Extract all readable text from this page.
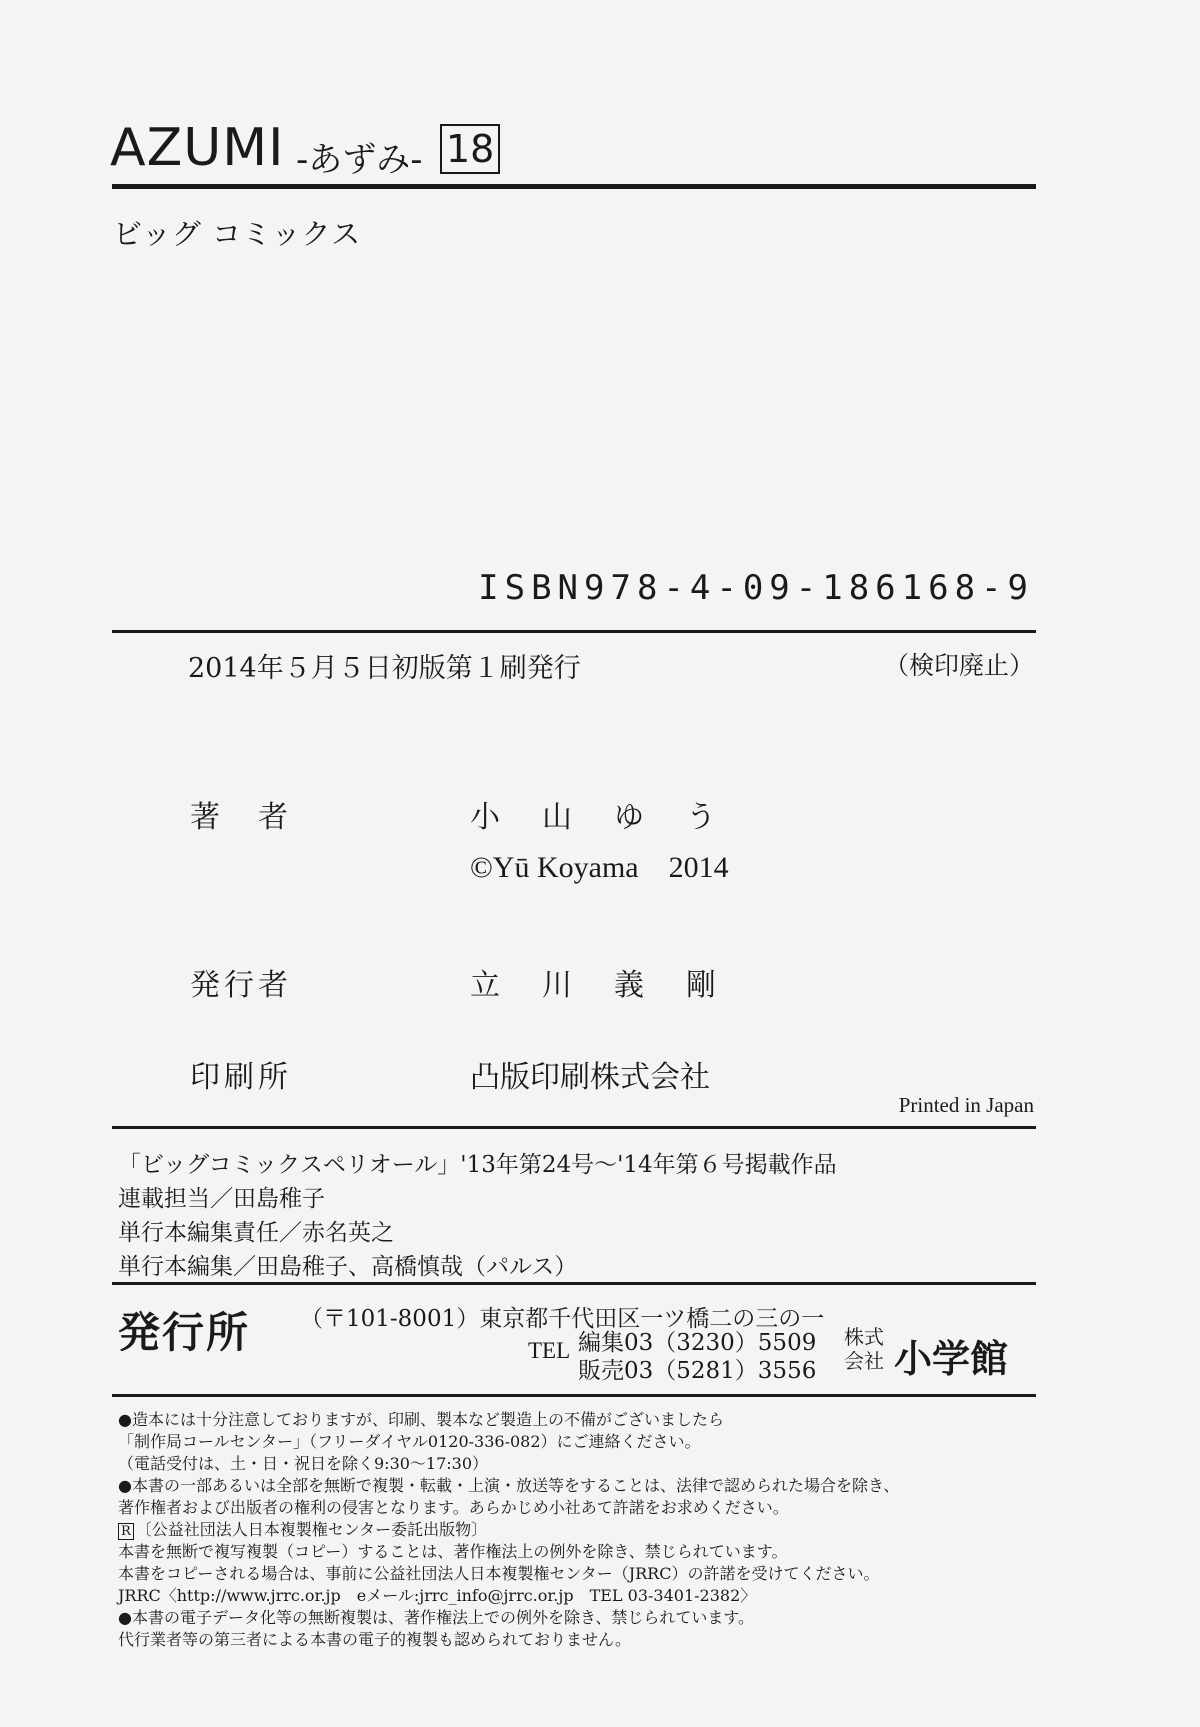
AZUMI -あずみ- 18
ビッグ コミックス
ISBN978-4-09-186168-9
2014年５月５日初版第１刷発行	（検印廃止）
著　者	小　山　ゆ　う
©Yū Koyama　2014
発行者	立　川　義　剛
印刷所	凸版印刷株式会社
Printed in Japan
「ビッグコミックスペリオール」'13年第24号～'14年第６号掲載作品
連載担当／田島稚子
単行本編集責任／赤名英之
単行本編集／田島稚子、高橋慎哉（パルス）
発行所 （〒101-8001）東京都千代田区一ツ橋二の三の一
TEL 編集03（3230）5509
販売03（5281）3556
株式
会社 小学館
●造本には十分注意しておりますが、印刷、製本など製造上の不備がございましたら
「制作局コールセンター」（フリーダイヤル0120-336-082）にご連絡ください。
（電話受付は、土・日・祝日を除く9:30～17:30）
●本書の一部あるいは全部を無断で複製・転載・上演・放送等をすることは、法律で認められた場合を除き、
著作権者および出版者の権利の侵害となります。あらかじめ小社あて許諾をお求めください。
R 〔公益社団法人日本複製権センター委託出版物〕
本書を無断で複写複製（コピー）することは、著作権法上の例外を除き、禁じられています。
本書をコピーされる場合は、事前に公益社団法人日本複製権センター（JRRC）の許諾を受けてください。
JRRC〈http://www.jrrc.or.jp　eメール:jrrc_info@jrrc.or.jp　TEL 03-3401-2382〉
●本書の電子データ化等の無断複製は、著作権法上での例外を除き、禁じられています。
代行業者等の第三者による本書の電子的複製も認められておりません。
